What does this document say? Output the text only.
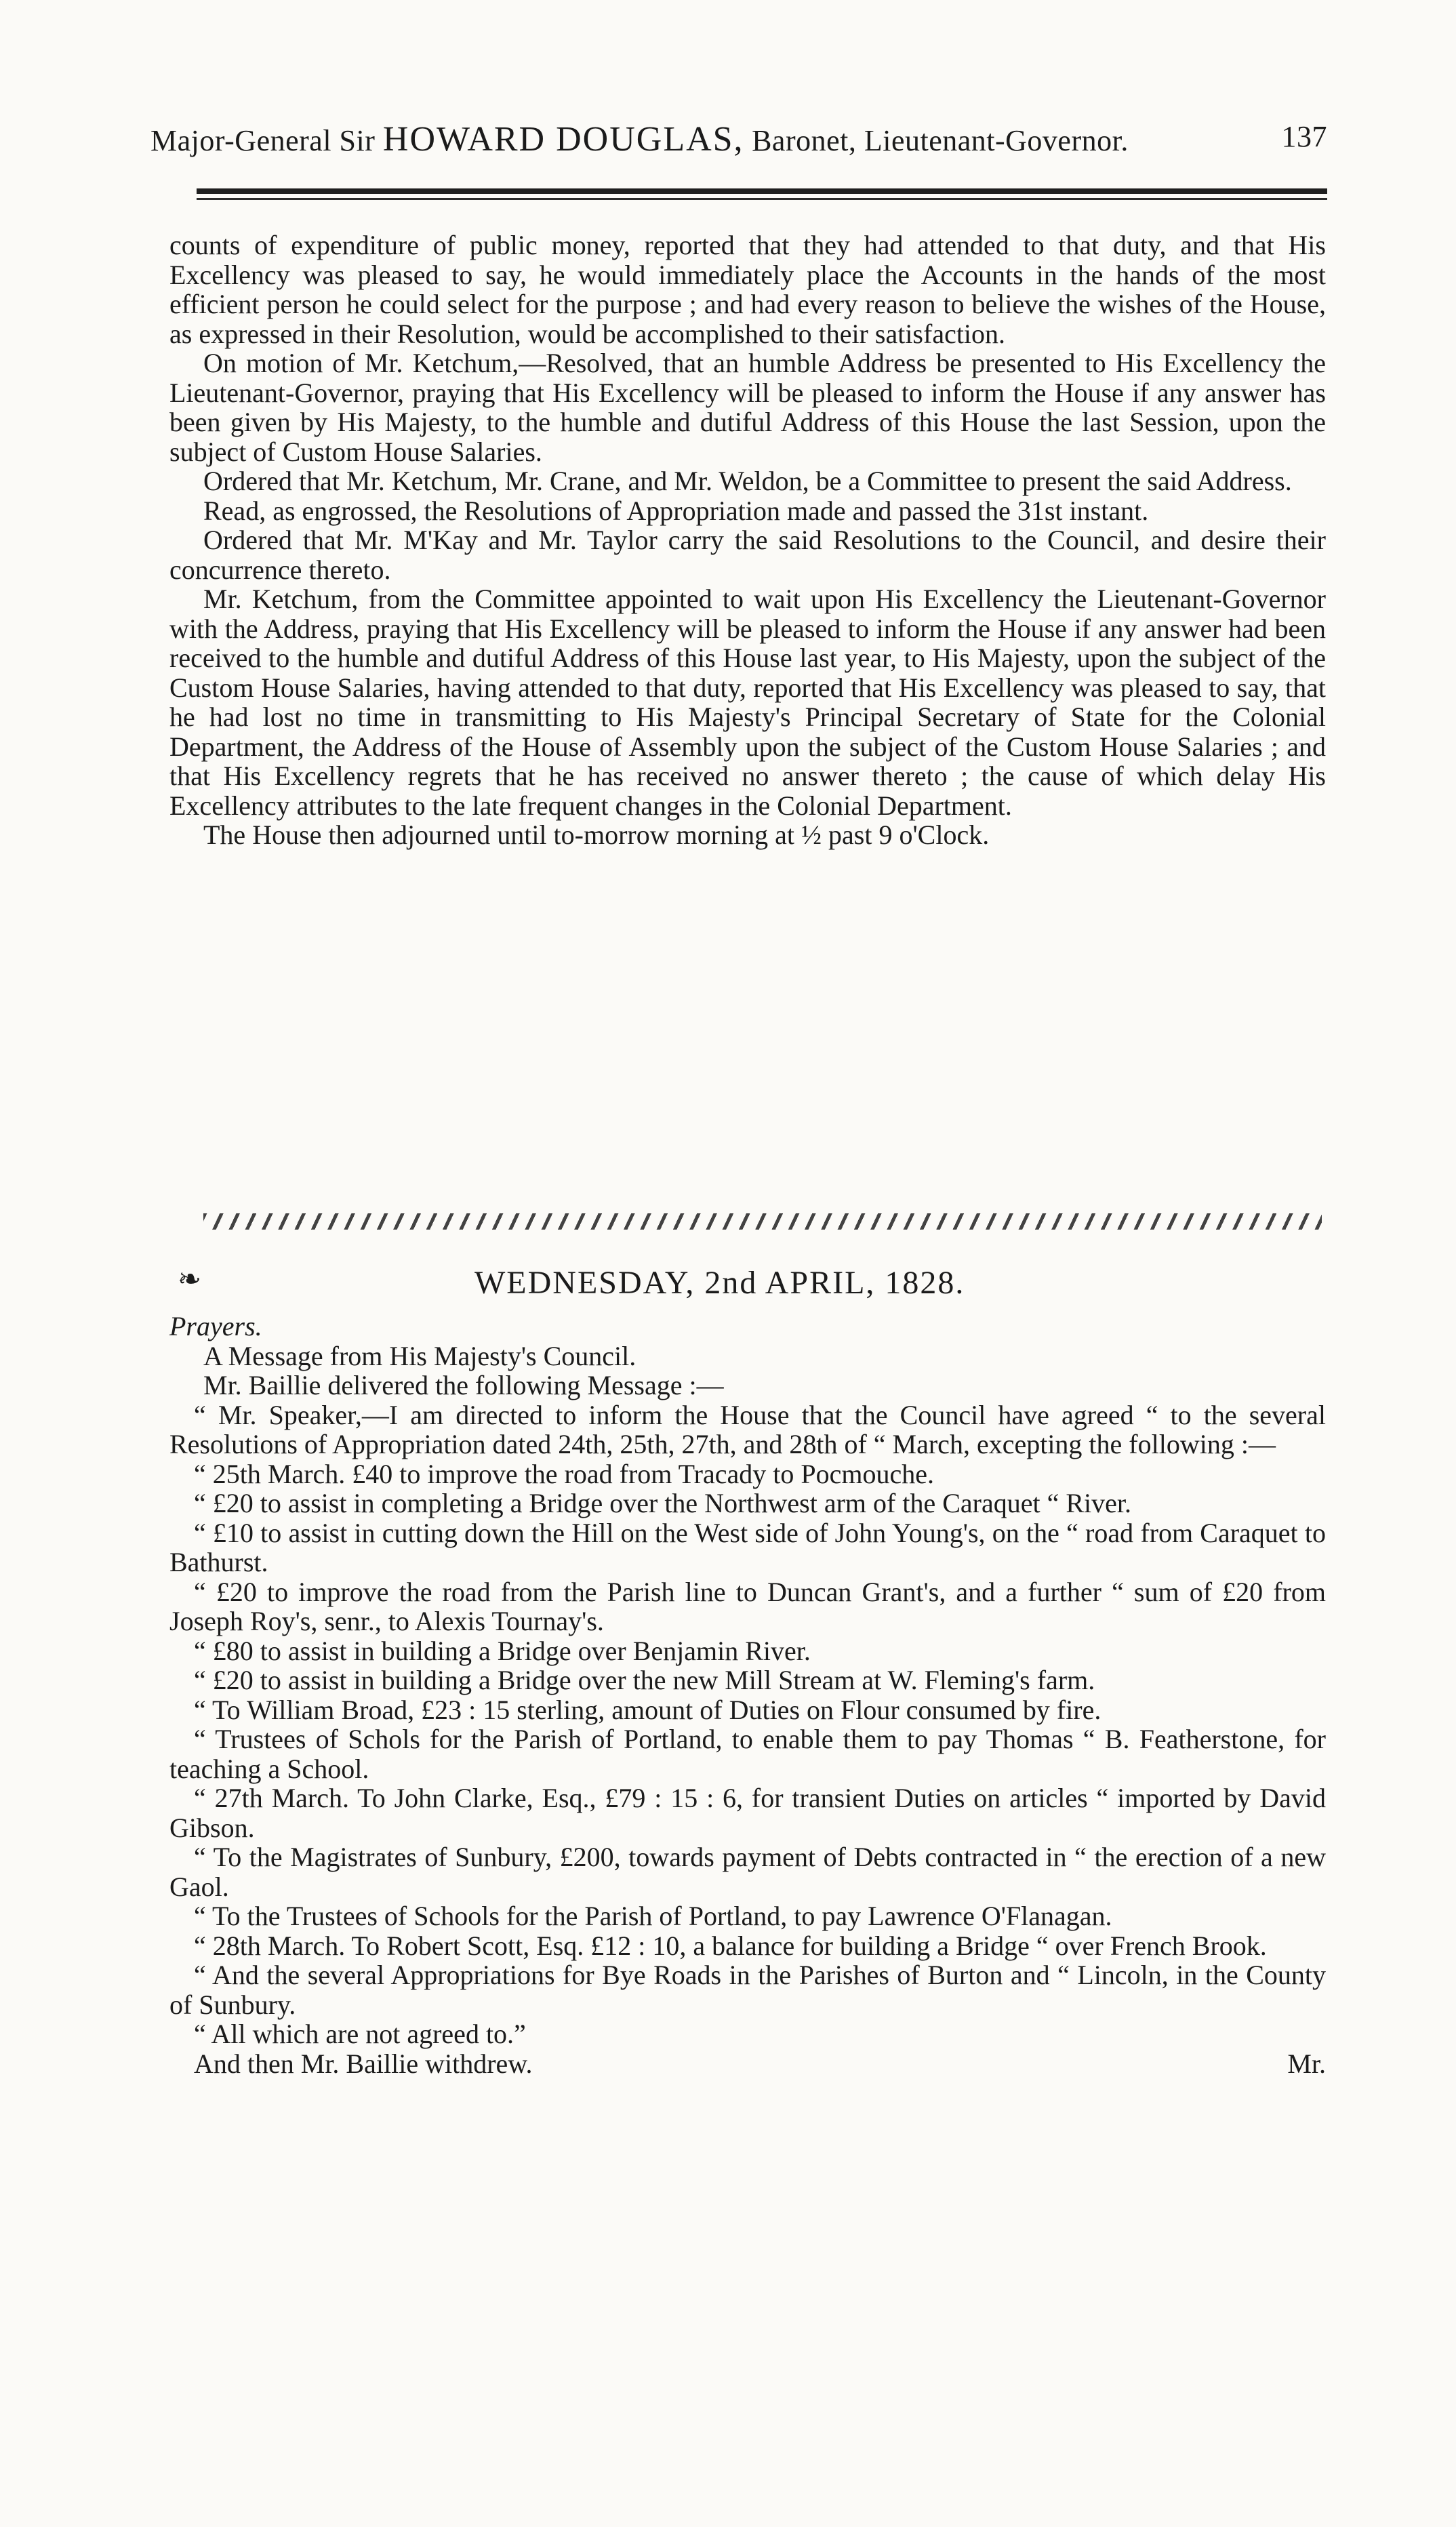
Major-General Sir HOWARD DOUGLAS, Baronet, Lieutenant-Governor.	137

counts of expenditure of public money, reported that they had attended to that duty, and that His Excellency was pleased to say, he would immediately place the Accounts in the hands of the most efficient person he could select for the purpose ; and had every reason to believe the wishes of the House, as expressed in their Resolution, would be accomplished to their satisfaction.

On motion of Mr. Ketchum,—Resolved, that an humble Address be presented to His Excellency the Lieutenant-Governor, praying that His Excellency will be pleased to inform the House if any answer has been given by His Majesty, to the humble and dutiful Address of this House the last Session, upon the subject of Custom House Salaries.

Ordered that Mr. Ketchum, Mr. Crane, and Mr. Weldon, be a Committee to present the said Address.

Read, as engrossed, the Resolutions of Appropriation made and passed the 31st instant.

Ordered that Mr. M'Kay and Mr. Taylor carry the said Resolutions to the Council, and desire their concurrence thereto.

Mr. Ketchum, from the Committee appointed to wait upon His Excellency the Lieutenant-Governor with the Address, praying that His Excellency will be pleased to inform the House if any answer had been received to the humble and dutiful Address of this House last year, to His Majesty, upon the subject of the Custom House Salaries, having attended to that duty, reported that His Excellency was pleased to say, that he had lost no time in transmitting to His Majesty's Principal Secretary of State for the Colonial Department, the Address of the House of Assembly upon the subject of the Custom House Salaries ; and that His Excellency regrets that he has received no answer thereto ; the cause of which delay His Excellency attributes to the late frequent changes in the Colonial Department.

The House then adjourned until to-morrow morning at ½ past 9 o'Clock.

❧	WEDNESDAY, 2nd APRIL, 1828.

Prayers.

A Message from His Majesty's Council.

Mr. Baillie delivered the following Message :—

“ Mr. Speaker,—I am directed to inform the House that the Council have agreed “ to the several Resolutions of Appropriation dated 24th, 25th, 27th, and 28th of “ March, excepting the following :—

“ 25th March. £40 to improve the road from Tracady to Pocmouche.

“ £20 to assist in completing a Bridge over the Northwest arm of the Caraquet “ River.

“ £10 to assist in cutting down the Hill on the West side of John Young's, on the “ road from Caraquet to Bathurst.

“ £20 to improve the road from the Parish line to Duncan Grant's, and a further “ sum of £20 from Joseph Roy's, senr., to Alexis Tournay's.

“ £80 to assist in building a Bridge over Benjamin River.

“ £20 to assist in building a Bridge over the new Mill Stream at W. Fleming's farm.

“ To William Broad, £23 : 15 sterling, amount of Duties on Flour consumed by fire.

“ Trustees of Schols for the Parish of Portland, to enable them to pay Thomas “ B. Featherstone, for teaching a School.

“ 27th March. To John Clarke, Esq., £79 : 15 : 6, for transient Duties on articles “ imported by David Gibson.

“ To the Magistrates of Sunbury, £200, towards payment of Debts contracted in “ the erection of a new Gaol.

“ To the Trustees of Schools for the Parish of Portland, to pay Lawrence O'Flanagan.

“ 28th March. To Robert Scott, Esq. £12 : 10, a balance for building a Bridge “ over French Brook.

“ And the several Appropriations for Bye Roads in the Parishes of Burton and “ Lincoln, in the County of Sunbury.

“ All which are not agreed to.”

And then Mr. Baillie withdrew.	Mr.
